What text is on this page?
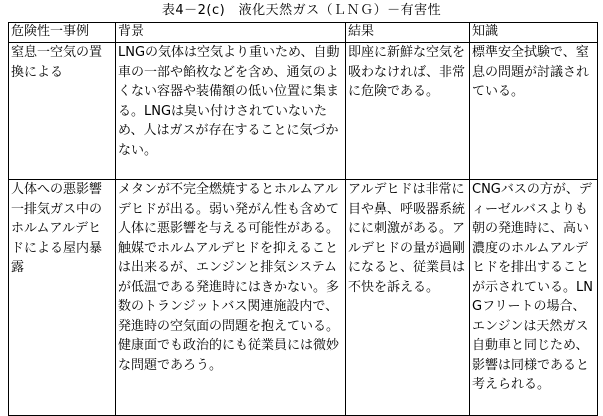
表4－2(c)　液化天然ガス（ＬＮＧ）－有害性
危険性一事例	背景	結果	知識

窒息一空気の置換による	LNGの気体は空気より重いため、自動車の一部や餡枚などを含め、通気のよくない容器や装備額の低い位置に集まる。LNGは臭い付けされていないため、人はガスが存在することに気づかない。	即座に新鮮な空気を吸わなければ、非常に危険である。	標準安全拭験で、窒息の問題が討議されている。

人体への悪影響一排気ガス中のホルムアルデヒドによる屋内暴露	メタンが不完全燃焼するとホルムアルデヒドが出る。弱い発がん性も含めて人体に悪影響を与える可能性がある。触媒でホルムアルデヒドを抑えることは出来るが、エンジンと排気システムが低温である発進時にはきかない。多数のトランジットバス関連施設内で、発進時の空気面の問題を抱えている。健康面でも政治的にも従業員には微妙な問題であろう。	アルデヒドは非常に目や鼻、呼吸器系統にに刺激がある。アルデヒドの量が過剛になると、従業員は不快を訴える。	CNGバスの方が、ディーゼルバスよりも朝の発進時に、高い濃度のホルムアルデヒドを排出することが示されている。LNGフリートの場合、エンジンは天然ガス自動車と同じため、影響は同様であると考えられる。
